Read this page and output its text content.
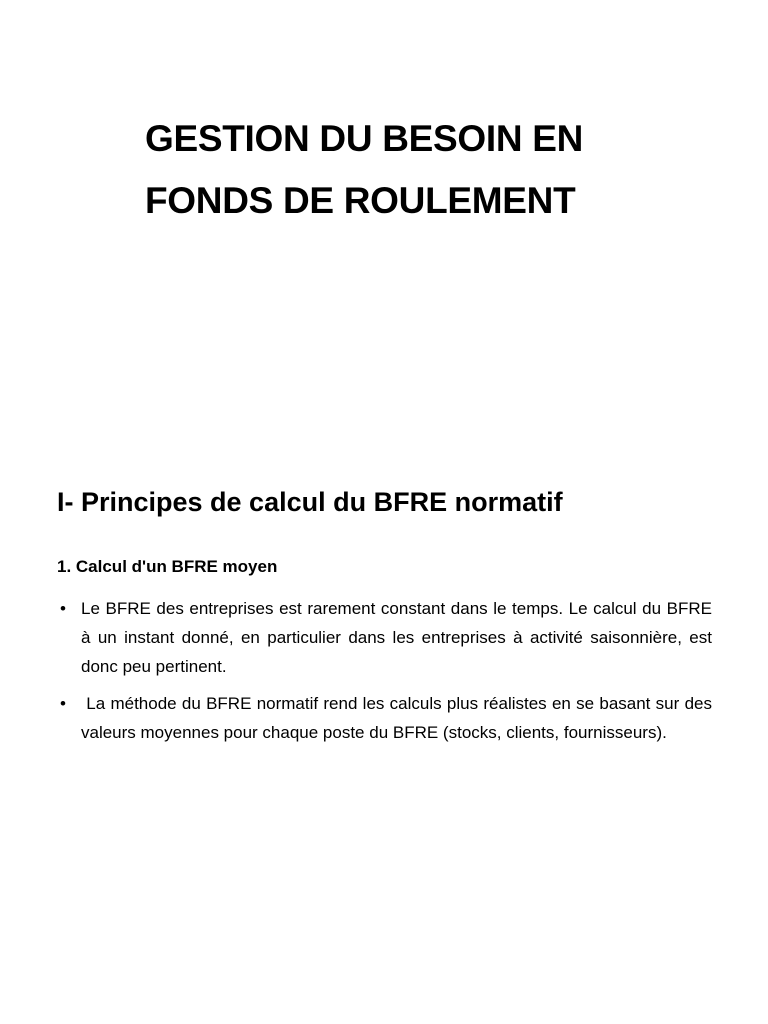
GESTION DU BESOIN EN
FONDS DE ROULEMENT
I- Principes de calcul du BFRE normatif
1. Calcul d'un BFRE moyen
• Le BFRE des entreprises est rarement constant dans le temps. Le calcul du BFRE à un instant donné, en particulier dans les entreprises à activité saisonnière, est donc peu pertinent.
• La méthode du BFRE normatif rend les calculs plus réalistes en se basant sur des valeurs moyennes pour chaque poste du BFRE (stocks, clients, fournisseurs).
